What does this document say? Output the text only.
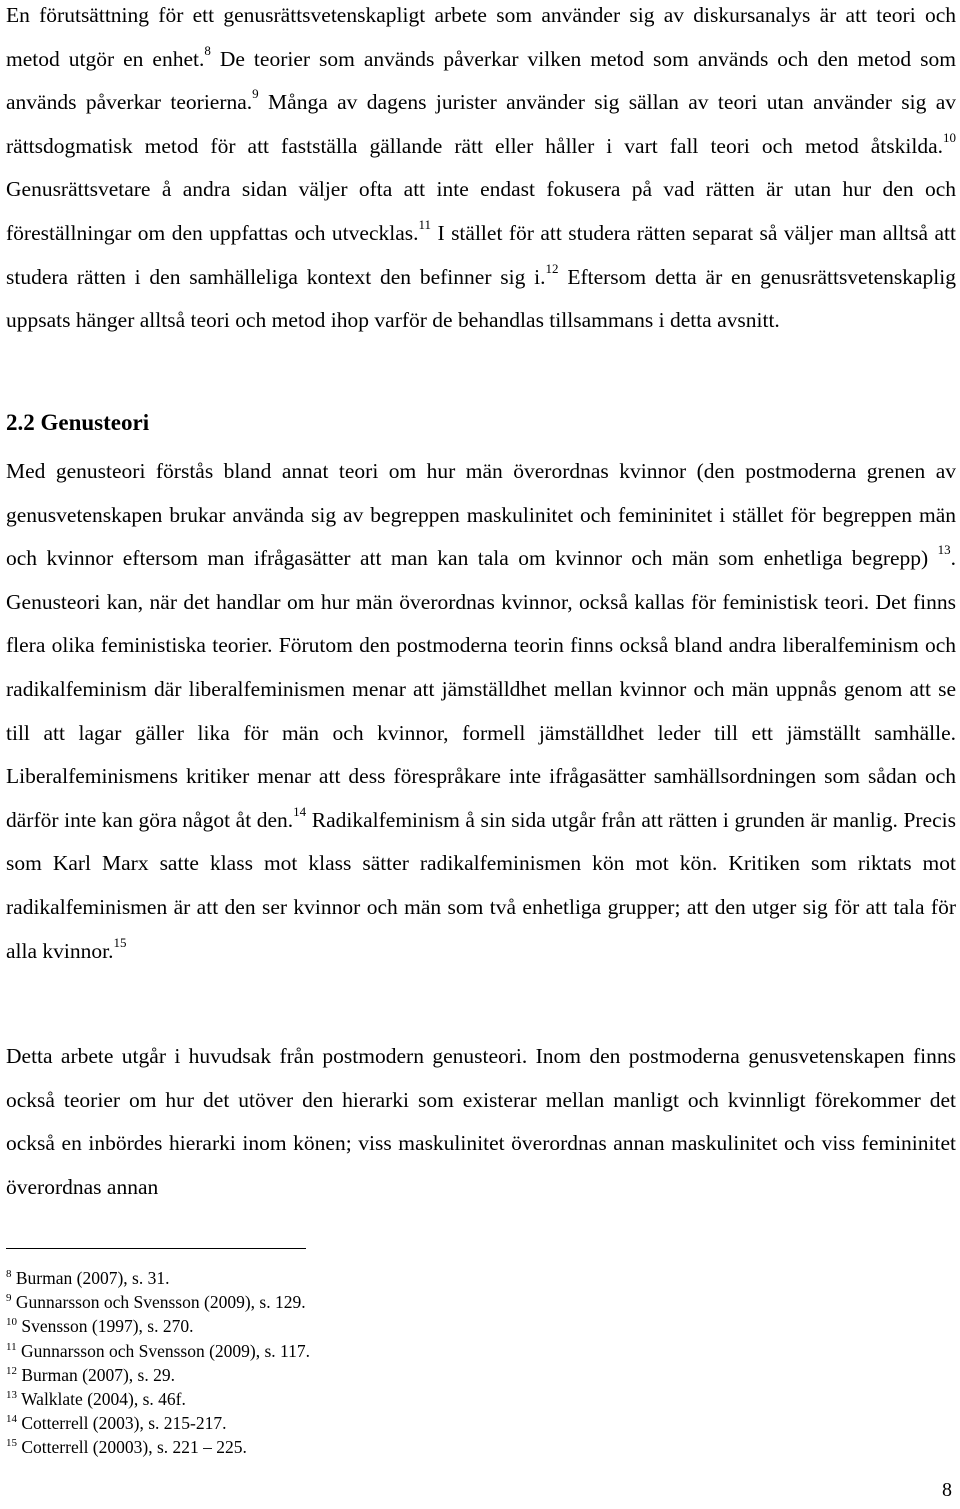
En förutsättning för ett genusrättsvetenskapligt arbete som använder sig av diskursanalys är att teori och metod utgör en enhet.$^8$ De teorier som används påverkar vilken metod som används och den metod som används påverkar teorierna.$^9$ Många av dagens jurister använder sig sällan av teori utan använder sig av rättsdogmatisk metod för att fastställa gällande rätt eller håller i vart fall teori och metod åtskilda.$^{10}$ Genusrättsvetare å andra sidan väljer ofta att inte endast fokusera på vad rätten är utan hur den och föreställningar om den uppfattas och utvecklas.$^{11}$ I stället för att studera rätten separat så väljer man alltså att studera rätten i den samhälleliga kontext den befinner sig i.$^{12}$ Eftersom detta är en genusrättsvetenskaplig uppsats hänger alltså teori och metod ihop varför de behandlas tillsammans i detta avsnitt.

2.2 Genusteori

Med genusteori förstås bland annat teori om hur män överordnas kvinnor (den postmoderna grenen av genusvetenskapen brukar använda sig av begreppen maskulinitet och femininitet i stället för begreppen män och kvinnor eftersom man ifrågasätter att man kan tala om kvinnor och män som enhetliga begrepp) $^{13}$. Genusteori kan, när det handlar om hur män överordnas kvinnor, också kallas för feministisk teori. Det finns flera olika feministiska teorier. Förutom den postmoderna teorin finns också bland andra liberalfeminism och radikalfeminism där liberalfeminismen menar att jämställdhet mellan kvinnor och män uppnås genom att se till att lagar gäller lika för män och kvinnor, formell jämställdhet leder till ett jämställt samhälle. Liberalfeminismens kritiker menar att dess förespråkare inte ifrågasätter samhällsordningen som sådan och därför inte kan göra något åt den.$^{14}$ Radikalfeminism å sin sida utgår från att rätten i grunden är manlig. Precis som Karl Marx satte klass mot klass sätter radikalfeminismen kön mot kön. Kritiken som riktats mot radikalfeminismen är att den ser kvinnor och män som två enhetliga grupper; att den utger sig för att tala för alla kvinnor.$^{15}$

Detta arbete utgår i huvudsak från postmodern genusteori. Inom den postmoderna genusvetenskapen finns också teorier om hur det utöver den hierarki som existerar mellan manligt och kvinnligt förekommer det också en inbördes hierarki inom könen; viss maskulinitet överordnas annan maskulinitet och viss femininitet överordnas annan

$^8$ Burman (2007), s. 31.
$^9$ Gunnarsson och Svensson (2009), s. 129.
$^{10}$ Svensson (1997), s. 270.
$^{11}$ Gunnarsson och Svensson (2009), s. 117.
$^{12}$ Burman (2007), s. 29.
$^{13}$ Walklate (2004), s. 46f.
$^{14}$ Cotterrell (2003), s. 215-217.
$^{15}$ Cotterrell (20003), s. 221 – 225.
8
